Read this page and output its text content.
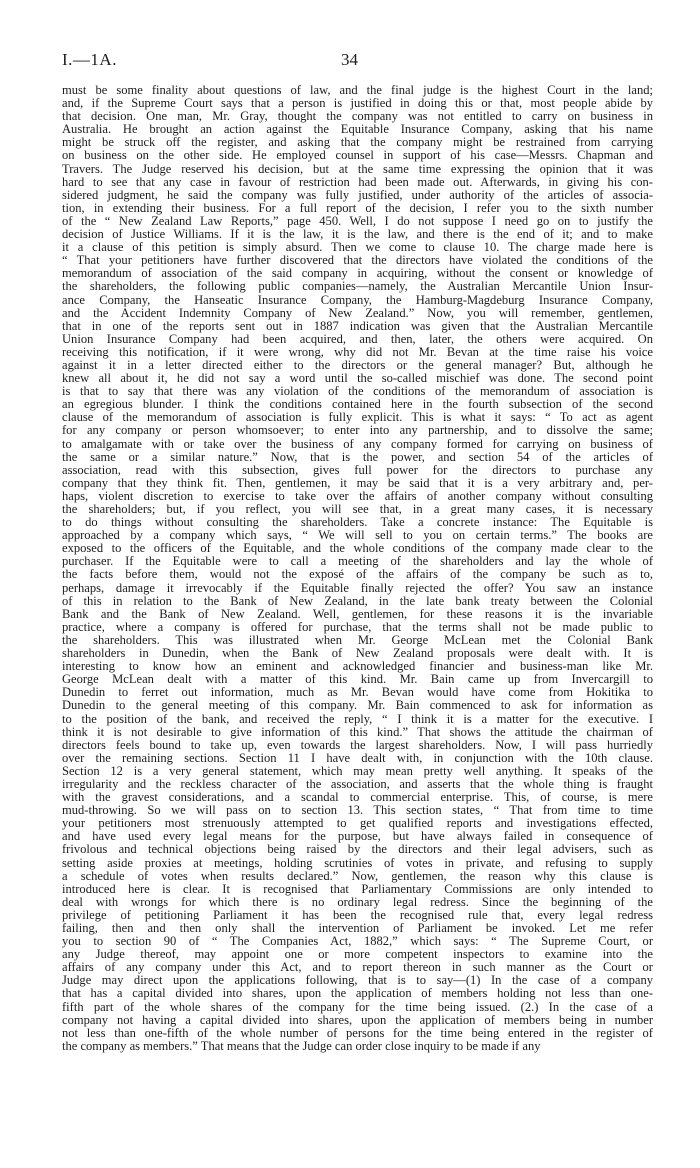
I.—1A.	34
must be some finality about questions of law, and the final judge is the highest Court in the land;
and, if the Supreme Court says that a person is justified in doing this or that, most people abide by
that decision. One man, Mr. Gray, thought the company was not entitled to carry on business in
Australia. He brought an action against the Equitable Insurance Company, asking that his name
might be struck off the register, and asking that the company might be restrained from carrying
on business on the other side. He employed counsel in support of his case—Messrs. Chapman and
Travers. The Judge reserved his decision, but at the same time expressing the opinion that it was
hard to see that any case in favour of restriction had been made out. Afterwards, in giving his con-
sidered judgment, he said the company was fully justified, under authority of the articles of associa-
tion, in extending their business. For a full report of the decision, I refer you to the sixth number
of the “ New Zealand Law Reports,” page 450. Well, I do not suppose I need go on to justify the
decision of Justice Williams. If it is the law, it is the law, and there is the end of it; and to make
it a clause of this petition is simply absurd. Then we come to clause 10. The charge made here is
“ That your petitioners have further discovered that the directors have violated the conditions of the
memorandum of association of the said company in acquiring, without the consent or knowledge of
the shareholders, the following public companies—namely, the Australian Mercantile Union Insur-
ance Company, the Hanseatic Insurance Company, the Hamburg-Magdeburg Insurance Company,
and the Accident Indemnity Company of New Zealand.” Now, you will remember, gentlemen,
that in one of the reports sent out in 1887 indication was given that the Australian Mercantile
Union Insurance Company had been acquired, and then, later, the others were acquired. On
receiving this notification, if it were wrong, why did not Mr. Bevan at the time raise his voice
against it in a letter directed either to the directors or the general manager? But, although he
knew all about it, he did not say a word until the so-called mischief was done. The second point
is that to say that there was any violation of the conditions of the memorandum of association is
an egregious blunder. I think the conditions contained here in the fourth subsection of the second
clause of the memorandum of association is fully explicit. This is what it says: “ To act as agent
for any company or person whomsoever; to enter into any partnership, and to dissolve the same;
to amalgamate with or take over the business of any company formed for carrying on business of
the same or a similar nature.” Now, that is the power, and section 54 of the articles of
association, read with this subsection, gives full power for the directors to purchase any
company that they think fit. Then, gentlemen, it may be said that it is a very arbitrary and, per-
haps, violent discretion to exercise to take over the affairs of another company without consulting
the shareholders; but, if you reflect, you will see that, in a great many cases, it is necessary
to do things without consulting the shareholders. Take a concrete instance: The Equitable is
approached by a company which says, “ We will sell to you on certain terms.” The books are
exposed to the officers of the Equitable, and the whole conditions of the company made clear to the
purchaser. If the Equitable were to call a meeting of the shareholders and lay the whole of
the facts before them, would not the exposé of the affairs of the company be such as to,
perhaps, damage it irrevocably if the Equitable finally rejected the offer? You saw an instance
of this in relation to the Bank of New Zealand, in the late bank treaty between the Colonial
Bank and the Bank of New Zealand. Well, gentlemen, for these reasons it is the invariable
practice, where a company is offered for purchase, that the terms shall not be made public to
the shareholders. This was illustrated when Mr. George McLean met the Colonial Bank
shareholders in Dunedin, when the Bank of New Zealand proposals were dealt with. It is
interesting to know how an eminent and acknowledged financier and business-man like Mr.
George McLean dealt with a matter of this kind. Mr. Bain came up from Invercargill to
Dunedin to ferret out information, much as Mr. Bevan would have come from Hokitika to
Dunedin to the general meeting of this company. Mr. Bain commenced to ask for information as
to the position of the bank, and received the reply, “ I think it is a matter for the executive. I
think it is not desirable to give information of this kind.” That shows the attitude the chairman of
directors feels bound to take up, even towards the largest shareholders. Now, I will pass hurriedly
over the remaining sections. Section 11 I have dealt with, in conjunction with the 10th clause.
Section 12 is a very general statement, which may mean pretty well anything. It speaks of the
irregularity and the reckless character of the association, and asserts that the whole thing is fraught
with the gravest considerations, and a scandal to commercial enterprise. This, of course, is mere
mud-throwing. So we will pass on to section 13. This section states, “ That from time to time
your petitioners most strenuously attempted to get qualified reports and investigations effected,
and have used every legal means for the purpose, but have always failed in consequence of
frivolous and technical objections being raised by the directors and their legal advisers, such as
setting aside proxies at meetings, holding scrutinies of votes in private, and refusing to supply
a schedule of votes when results declared.” Now, gentlemen, the reason why this clause is
introduced here is clear. It is recognised that Parliamentary Commissions are only intended to
deal with wrongs for which there is no ordinary legal redress. Since the beginning of the
privilege of petitioning Parliament it has been the recognised rule that, every legal redress
failing, then and then only shall the intervention of Parliament be invoked. Let me refer
you to section 90 of “ The Companies Act, 1882,” which says: “ The Supreme Court, or
any Judge thereof, may appoint one or more competent inspectors to examine into the
affairs of any company under this Act, and to report thereon in such manner as the Court or
Judge may direct upon the applications following, that is to say—(1) In the case of a company
that has a capital divided into shares, upon the application of members holding not less than one-
fifth part of the whole shares of the company for the time being issued. (2.) In the case of a
company not having a capital divided into shares, upon the application of members being in number
not less than one-fifth of the whole number of persons for the time being entered in the register of
the company as members.” That means that the Judge can order close inquiry to be made if any
